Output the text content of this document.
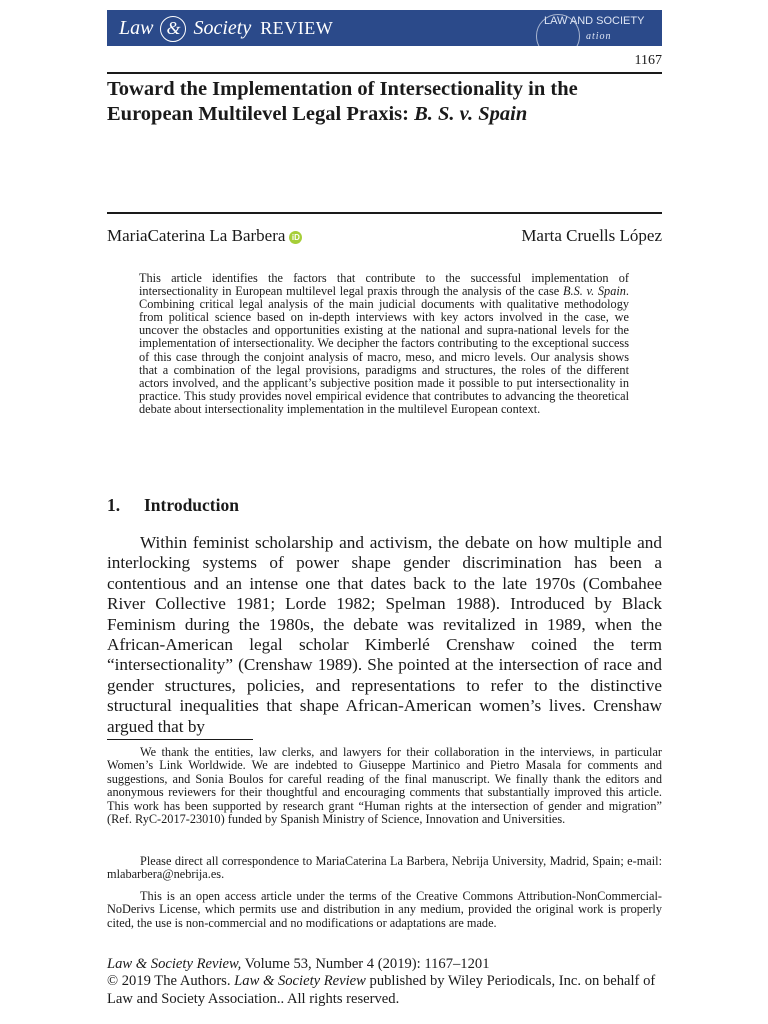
Law & Society REVIEW	LAW AND SOCIETY
ation
1167
Toward the Implementation of Intersectionality in the European Multilevel Legal Praxis: B. S. v. Spain
MariaCaterina La Barbera iD	Marta Cruells López

This article identifies the factors that contribute to the successful implementation of intersectionality in European multilevel legal praxis through the analysis of the case B.S. v. Spain. Combining critical legal analysis of the main judicial documents with qualitative methodology from political science based on in-depth interviews with key actors involved in the case, we uncover the obstacles and opportunities existing at the national and supra-national levels for the implementation of intersectionality. We decipher the factors contributing to the exceptional success of this case through the conjoint analysis of macro, meso, and micro levels. Our analysis shows that a combination of the legal provisions, paradigms and structures, the roles of the different actors involved, and the applicant’s subjective position made it possible to put intersectionality in practice. This study provides novel empirical evidence that contributes to advancing the theoretical debate about intersectionality implementation in the multilevel European context.

1. Introduction

Within feminist scholarship and activism, the debate on how multiple and interlocking systems of power shape gender discrimination has been a contentious and an intense one that dates back to the late 1970s (Combahee River Collective 1981; Lorde 1982; Spelman 1988). Introduced by Black Feminism during the 1980s, the debate was revitalized in 1989, when the African-American legal scholar Kimberlé Crenshaw coined the term “intersectionality” (Crenshaw 1989). She pointed at the intersection of race and gender structures, policies, and representations to refer to the distinctive structural inequalities that shape African-American women’s lives. Crenshaw argued that by

We thank the entities, law clerks, and lawyers for their collaboration in the interviews, in particular Women’s Link Worldwide. We are indebted to Giuseppe Martinico and Pietro Masala for comments and suggestions, and Sonia Boulos for careful reading of the final manuscript. We finally thank the editors and anonymous reviewers for their thoughtful and encouraging comments that substantially improved this article. This work has been supported by research grant “Human rights at the intersection of gender and migration” (Ref. RyC-2017-23010) funded by Spanish Ministry of Science, Innovation and Universities.

Please direct all correspondence to MariaCaterina La Barbera, Nebrija University, Madrid, Spain; e-mail: mlabarbera@nebrija.es.

This is an open access article under the terms of the Creative Commons Attribution-NonCommercial-NoDerivs License, which permits use and distribution in any medium, provided the original work is properly cited, the use is non-commercial and no modifications or adaptations are made.

Law & Society Review, Volume 53, Number 4 (2019): 1167–1201
© 2019 The Authors. Law & Society Review published by Wiley Periodicals, Inc. on behalf of Law and Society Association.. All rights reserved.
